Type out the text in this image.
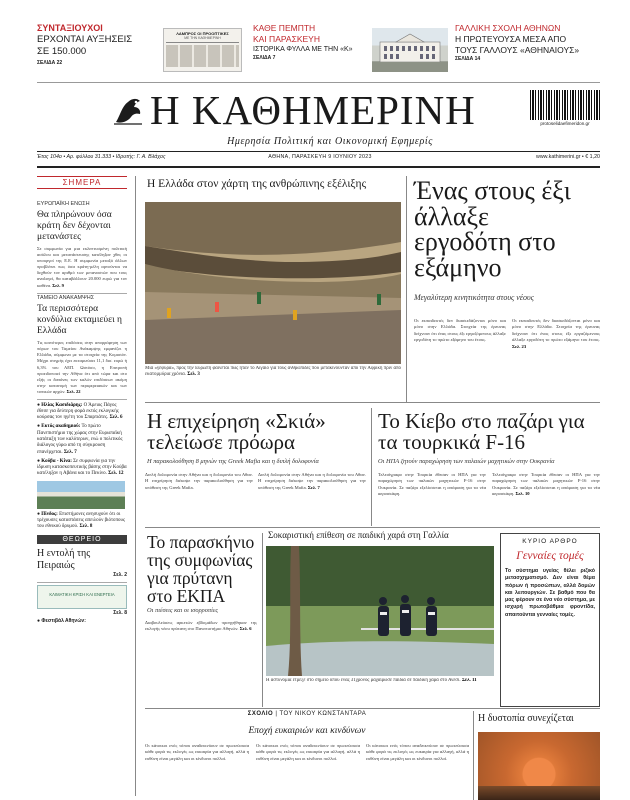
ΣΥΝΤΑΞΙΟΥΧΟΙ
ΕΡΧΟΝΤΑΙ ΑΥΞΗΣΕΙΣ
ΣΕ 150.000
ΣΕΛΙΔΑ 22
ΛΑΜΠΡΟΣ ΟΙ ΠΡΟΟΠΤΙΚΕΣ
ΜΕ ΤΗΝ ΚΑΘΗΜΕΡΙΝΗ
ΚΑΘΕ ΠΕΜΠΤΗ
ΚΑΙ ΠΑΡΑΣΚΕΥΗ
ΙΣΤΟΡΙΚΑ ΦΥΛΛΑ ΜΕ ΤΗΝ «Κ»
ΣΕΛΙΔΑ 7
ΓΑΛΛΙΚΗ ΣΧΟΛΗ ΑΘΗΝΩΝ
Η ΠΡΩΤΕΥΟΥΣΑ ΜΕΣΑ ΑΠΟ
ΤΟΥΣ ΓΑΛΛΟΥΣ «ΑΘΗΝΑΙΟΥΣ»
ΣΕΛΙΔΑ 14
Η ΚΑΘΗΜΕΡΙΝΗ
Ημερησία Πολιτική και Οικονομική Εφημερίς
protoselidaefimeridon.gr
Έτος 104ο • Αρ. φύλλου 31.333 • Ιδρυτής: Γ. Α. Βλάχος	ΑΘΗΝΑ, ΠΑΡΑΣΚΕΥΗ 9 ΙΟΥΝΙΟΥ 2023	www.kathimerini.gr • € 1,20
ΣΗΜΕΡΑ
ΕΥΡΩΠΑΪΚΗ ΕΝΩΣΗ
Θα πληρώνουν όσα κράτη δεν δέχονται μετανάστες
Σε συμφωνία για μια εκλεπτυσμένη πολιτική ασύλου και μετανάστευσης κατέληξαν χθες οι υπουργοί της Ε.Ε. Η συμφωνία μεταξύ άλλων προβλέπει πως όσα κράτη-μέλη αρνούνται να δεχθούν τον αριθμό των μεταναστών που τους αναλογεί, θα καταβάλλουν 20.000 ευρώ για τον καθένα. Σελ. 9
ΤΑΜΕΙΟ ΑΝΑΚΑΜΨΗΣ
Τα περισσότερα κονδύλια εκταμιεύει η Ελλάδα
Τις κοινότερες επιδόσεις στην απορρόφηση των πόρων του Ταμείου Ανάκαμψης εμφανίζει η Ελλάδα, σύμφωνα με τα στοιχεία της Κομισιόν. Μέχρι στιγμής έχει εκταμιεύσει 11,1 δισ. ευρώ ή 6,3% του ΑΕΠ. Ωστόσο, η Επιτροπή προειδοποιεί την Αθήνα ότι από τώρα και στο εξής οι δαπάνες των καλών επιδόσεων ακόμη στην κατανομή των περιφερειακών και των τοπικών αρχών. Σελ. 22
● Ηλίας Κασιδιάρης: Ο Άρειος Πάγος έθεσε για δεύτερη φορά εκτός εκλογικής κούρσας τον ηγέτη του Σπαρτιάτες. Σελ. 6
● Εκτός ακαδημιού: Το πρώτο Πανεπιστήμιο της χώρας στην Ευρωπαϊκή κατάταξη των καλύτερων, ενώ ο πολιτικός διάλογος γύρω από τη σύγκρουση επανέρχεται. Σελ. 7
● Κούβα - Κίνα: Σε συμφωνία για την ίδρυση κατασκοπευτικής βάσης στην Κούβα κατέληξαν η Αβάνα και το Πεκίνο. Σελ. 12
● Πίνδος: Επιστήμονες ανησυχούν ότι οι τρέχουσες καταστάσεις απειλούν βιότοπους του εθνικού δρυμού. Σελ. 8
ΘΕΩΡΕΙΟ
Η εντολή της Πειραιώς
Σελ. 2
ΚΛΙΜΑΤΙΚΗ ΚΡΙΣΗ ΚΑΙ ΕΝΕΡΓΕΙΑ
Σελ. 8
● Φεστιβάλ Αθηνών:
Η Ελλάδα στον χάρτη της ανθρώπινης εξέλιξης
Μια «γέφυρα», προς την Ευρώπη φαίνεται πως ήταν το Αιγαίο για τους ανθρωπίδες που μετακινούνταν από την Αφρική πριν από εκατομμύρια χρόνια. Σελ. 3
Ένας στους έξι άλλαξε εργοδότη στο εξάμηνο
Μεγαλύτερη κινητικότητα στους νέους
Οι εκπαιδευτές δεν διασκεδάζονται μόνο και μόνο στην Ελλάδα. Στοιχεία της έρευνας δείχνουν ότι ένας στους έξι εργαζόμενους άλλαξε εργοδότη το πρώτο εξάμηνο του έτους.
Οι εκπαιδευτές δεν διασκεδάζονται μόνο και μόνο στην Ελλάδα. Στοιχεία της έρευνας δείχνουν ότι ένας στους έξι εργαζόμενους άλλαξε εργοδότη το πρώτο εξάμηνο του έτους. Σελ. 23
Η επιχείρηση «Σκιά» τελείωσε πρόωρα
Η παρακολούθηση 8 μηνών της Greek Mafia και η διπλή δολοφονία
Διπλή δολοφονία στην Αθήνα και η δολοφονία του Αθαν. Η επιχείρηση διέκοψε την παρακολούθηση για την υπόθεση της Greek Mafia.
Διπλή δολοφονία στην Αθήνα και η δολοφονία του Αθαν. Η επιχείρηση διέκοψε την παρακολούθηση για την υπόθεση της Greek Mafia. Σελ. 7
Το Κίεβο στο παζάρι για τα τουρκικά F-16
Οι ΗΠΑ ζητούν παραχώρηση των παλαιών μαχητικών στην Ουκρανία
Τελεσίγραφο στην Τουρκία έθεσαν οι ΗΠΑ για την παραχώρηση των παλαιών μαχητικών F-16 στην Ουκρανία. Σε παζάρι εξελίσσεται η απόφαση για τα νέα αεροσκάφη.
Τελεσίγραφο στην Τουρκία έθεσαν οι ΗΠΑ για την παραχώρηση των παλαιών μαχητικών F-16 στην Ουκρανία. Σε παζάρι εξελίσσεται η απόφαση για τα νέα αεροσκάφη. Σελ. 10
Το παρασκήνιο της συμφωνίας για πρύτανη στο ΕΚΠΑ
Οι πιέσεις και οι ισορροπίες
Διαβουλεύσεις αρκετών εβδομάδων προηγήθηκαν της εκλογής νέου πρύτανη στο Πανεπιστήμιο Αθηνών. Σελ. 6
Σοκαριστική επίθεση σε παιδική χαρά στη Γαλλία
Η αστυνομία έτρεξε στο σημείο όπου ένας 31χρονος μαχαίρωσε παιδιά σε παιδική χαρά στο Ανεσί. Σελ. 11
ΚΥΡΙΟ ΑΡΘΡΟ
Γενναίες τομές
Το σύστημα υγείας θέλει ριζικό μετασχηματισμό. Δεν είναι θέμα πόρων ή προσώπων, αλλά δομών και λειτουργιών. Σε βαθμό που θα μας φέρουν σε ένα νέο σύστημα, με ισχυρή πρωτοβάθμια φροντίδα, απαιτούνται γενναίες τομές.
ΣΧΟΛΙΟ | ΤΟΥ ΝΙΚΟΥ ΚΩΝΣΤΑΝΤΑΡΑ
Εποχή ευκαιριών και κινδύνων
Οι κάτοικοι ενός τόπου αναδεικνύουν σε πρωτεύουσα κάθε φορά τις εκλογές ως ευκαιρία για αλλαγή, αλλά η ευθύνη είναι μεγάλη και οι κίνδυνοι πολλοί.
Οι κάτοικοι ενός τόπου αναδεικνύουν σε πρωτεύουσα κάθε φορά τις εκλογές ως ευκαιρία για αλλαγή, αλλά η ευθύνη είναι μεγάλη και οι κίνδυνοι πολλοί.
Οι κάτοικοι ενός τόπου αναδεικνύουν σε πρωτεύουσα κάθε φορά τις εκλογές ως ευκαιρία για αλλαγή, αλλά η ευθύνη είναι μεγάλη και οι κίνδυνοι πολλοί.
Η δυστοπία συνεχίζεται
